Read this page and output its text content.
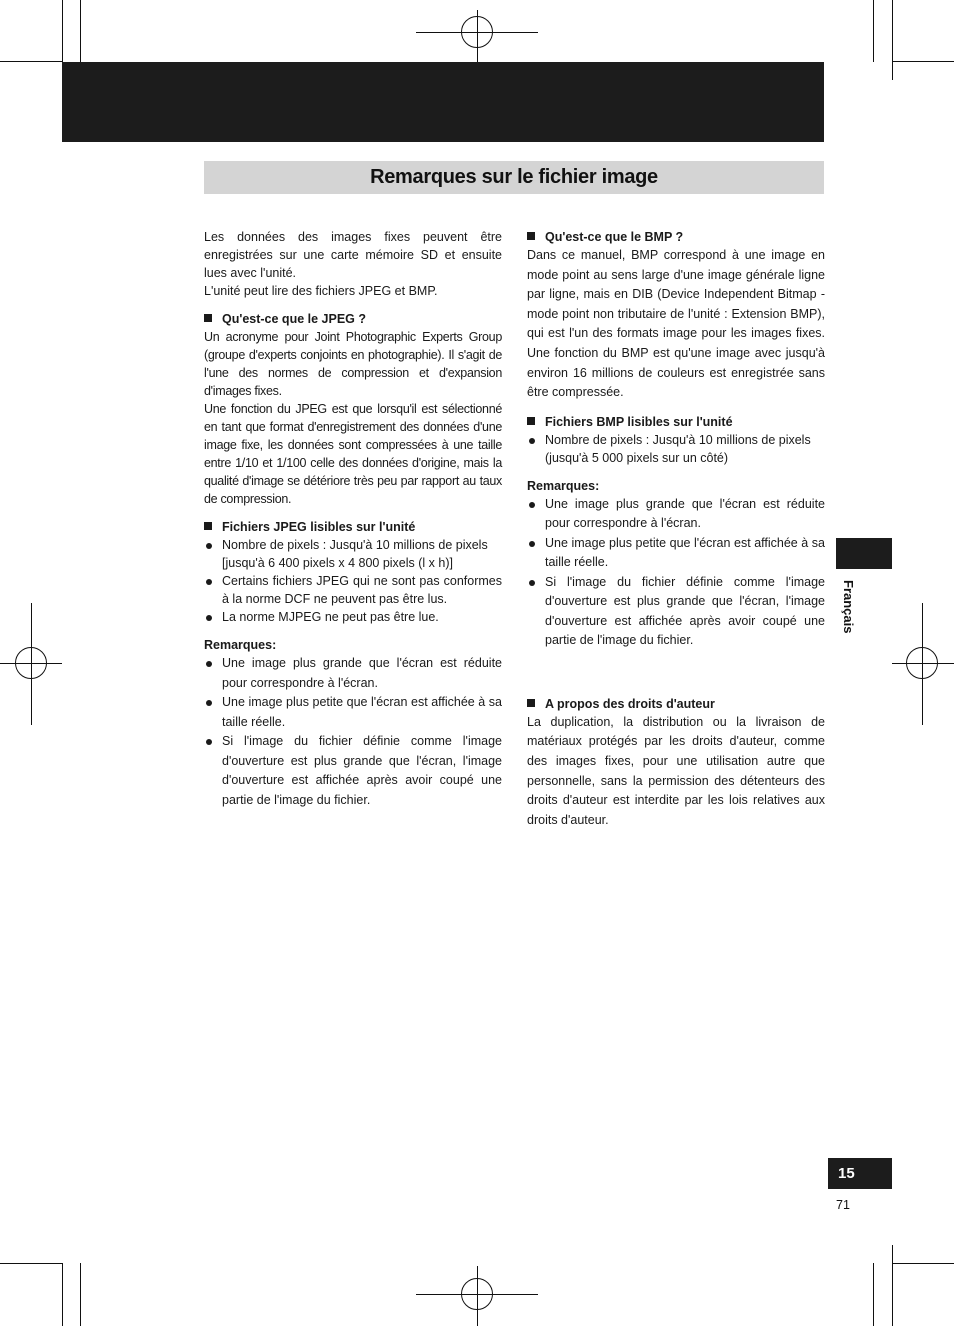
Remarques sur le fichier image

Les données des images fixes peuvent être enregistrées sur une carte mémoire SD et ensuite lues avec l'unité.

L'unité peut lire des fichiers JPEG et BMP.

Qu'est-ce que le JPEG ?

Un acronyme pour Joint Photographic Experts Group (groupe d'experts conjoints en photographie). Il s'agit de l'une des normes de compression et d'expansion d'images fixes.

Une fonction du JPEG est que lorsqu'il est sélectionné en tant que format d'enregistrement des données d'une image fixe, les données sont compressées à une taille entre 1/10 et 1/100 celle des données d'origine, mais la qualité d'image se détériore très peu par rapport au taux de compression.

Fichiers JPEG lisibles sur l'unité

Nombre de pixels : Jusqu'à 10 millions de pixels
[jusqu'à 6 400 pixels x 4 800 pixels (l x h)]
Certains fichiers JPEG qui ne sont pas conformes à la norme DCF ne peuvent pas être lus.
La norme MJPEG ne peut pas être lue.

Remarques:

Une image plus grande que l'écran est réduite pour correspondre à l'écran.
Une image plus petite que l'écran est affichée à sa taille réelle.
Si l'image du fichier définie comme l'image d'ouverture est plus grande que l'écran, l'image d'ouverture est affichée après avoir coupé une partie de l'image du fichier.

Qu'est-ce que le BMP ?

Dans ce manuel, BMP correspond à une image en mode point au sens large d'une image générale ligne par ligne, mais en DIB (Device Independent Bitmap - mode point non tributaire de l'unité : Extension BMP), qui est l'un des formats image pour les images fixes. Une fonction du BMP est qu'une image avec jusqu'à environ 16 millions de couleurs est enregistrée sans être compressée.

Fichiers BMP lisibles sur l'unité

Nombre de pixels : Jusqu'à 10 millions de pixels
(jusqu'à 5 000 pixels sur un côté)

Remarques:

Une image plus grande que l'écran est réduite pour correspondre à l'écran.
Une image plus petite que l'écran est affichée à sa taille réelle.
Si l'image du fichier définie comme l'image d'ouverture est plus grande que l'écran, l'image d'ouverture est affichée après avoir coupé une partie de l'image du fichier.

A propos des droits d'auteur

La duplication, la distribution ou la livraison de matériaux protégés par les droits d'auteur, comme des images fixes, pour une utilisation autre que personnelle, sans la permission des détenteurs des droits d'auteur est interdite par les lois relatives aux droits d'auteur.

Français
15
71
